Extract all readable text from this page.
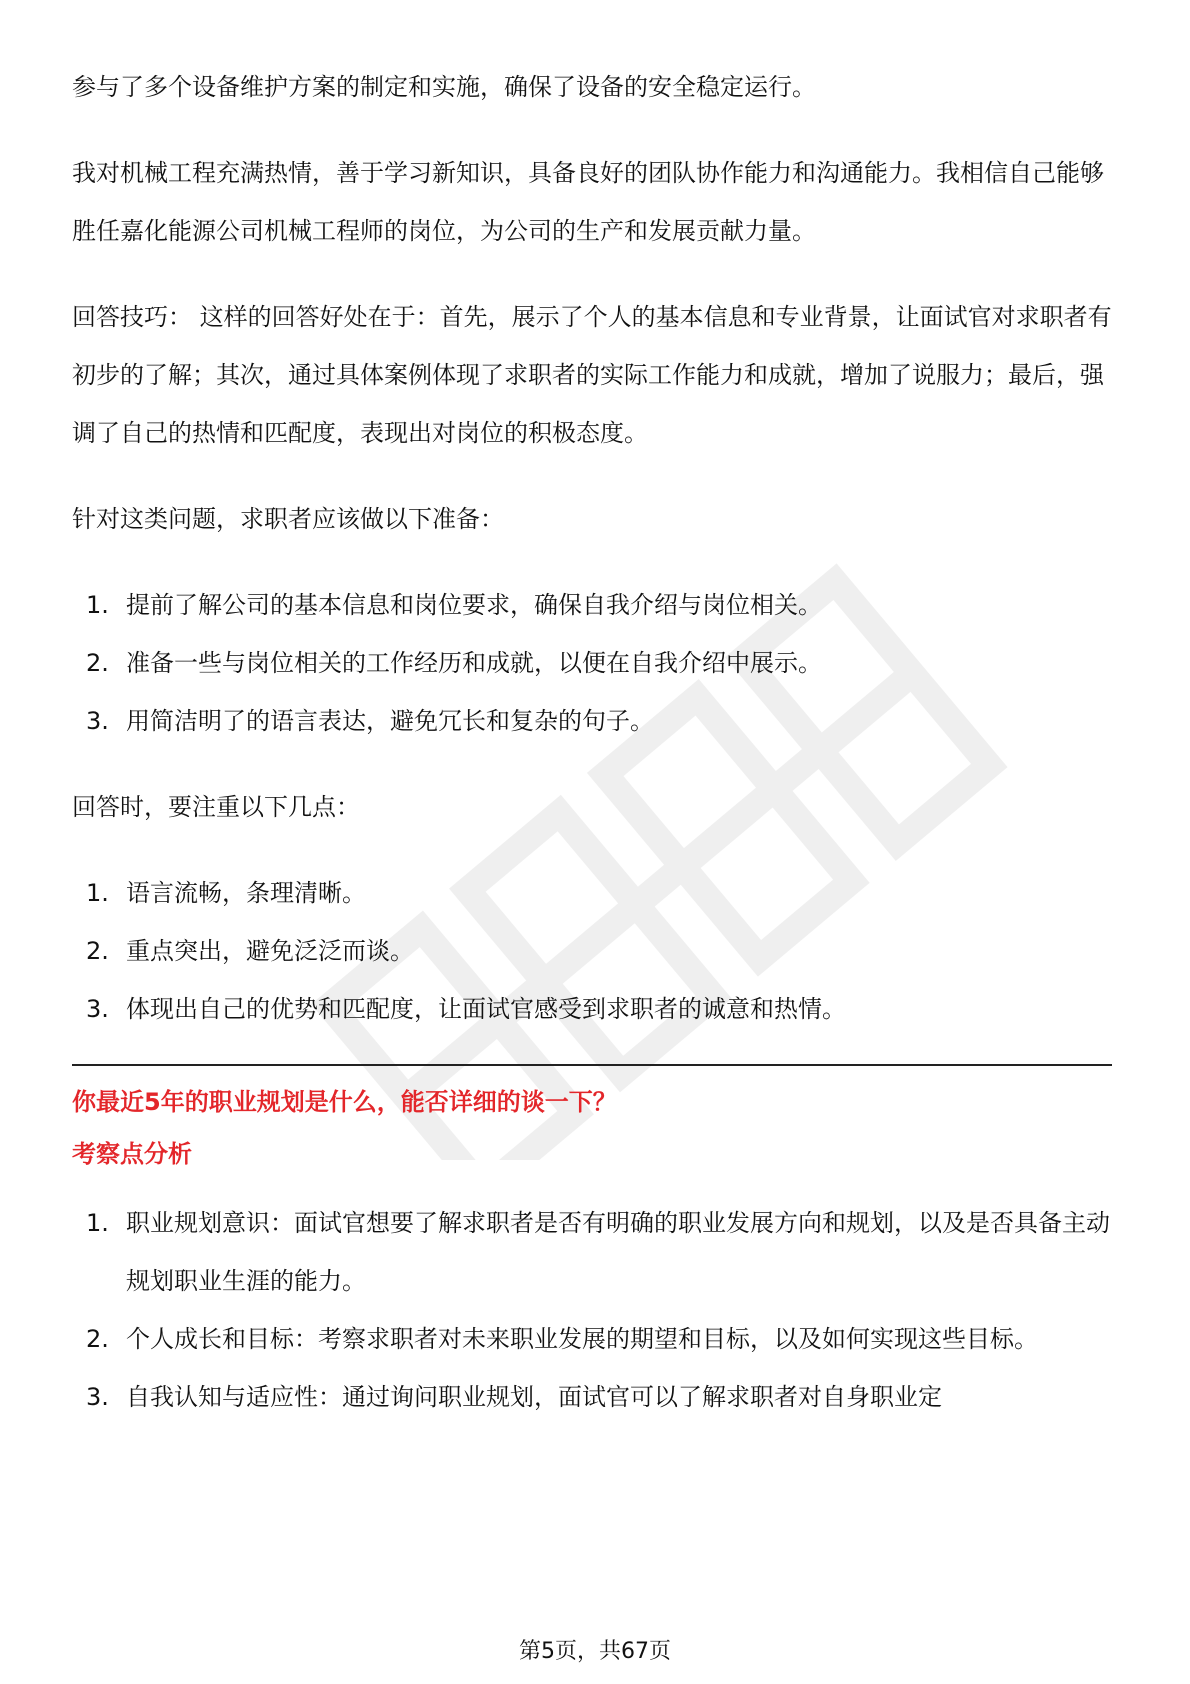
参与了多个设备维护方案的制定和实施，确保了设备的安全稳定运行。

我对机械工程充满热情，善于学习新知识，具备良好的团队协作能力和沟通能力。我相信自己能够胜任嘉化能源公司机械工程师的岗位，为公司的生产和发展贡献力量。

回答技巧： 这样的回答好处在于：首先，展示了个人的基本信息和专业背景，让面试官对求职者有初步的了解；其次，通过具体案例体现了求职者的实际工作能力和成就，增加了说服力；最后，强调了自己的热情和匹配度，表现出对岗位的积极态度。

针对这类问题，求职者应该做以下准备：

1. 提前了解公司的基本信息和岗位要求，确保自我介绍与岗位相关。
2. 准备一些与岗位相关的工作经历和成就，以便在自我介绍中展示。
3. 用简洁明了的语言表达，避免冗长和复杂的句子。

回答时，要注重以下几点：

1. 语言流畅，条理清晰。
2. 重点突出，避免泛泛而谈。
3. 体现出自己的优势和匹配度，让面试官感受到求职者的诚意和热情。

你最近5年的职业规划是什么，能否详细的谈一下？

考察点分析

1. 职业规划意识：面试官想要了解求职者是否有明确的职业发展方向和规划，以及是否具备主动规划职业生涯的能力。
2. 个人成长和目标：考察求职者对未来职业发展的期望和目标，以及如何实现这些目标。
3. 自我认知与适应性：通过询问职业规划，面试官可以了解求职者对自身职业定
第5页，共67页
